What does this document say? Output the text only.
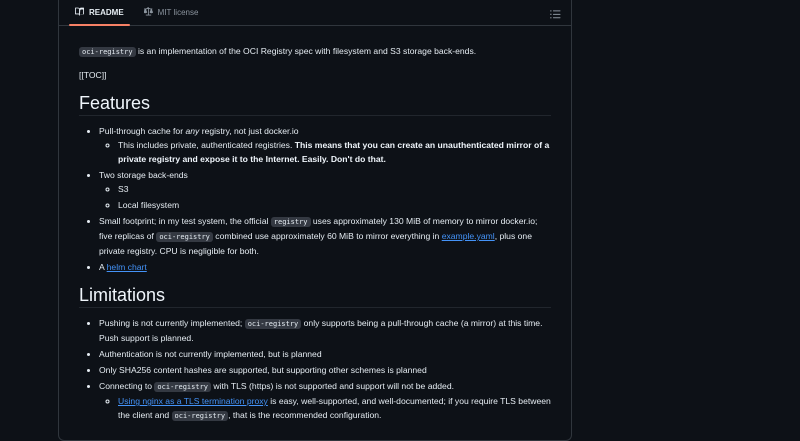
README	MIT license

oci-registry is an implementation of the OCI Registry spec with filesystem and S3 storage back-ends.

[[TOC]]

Features
• Pull-through cache for any registry, not just docker.io
◦ This includes private, authenticated registries. This means that you can create an unauthenticated mirror of a private registry and expose it to the Internet. Easily. Don't do that.
• Two storage back-ends
◦ S3
◦ Local filesystem
• Small footprint; in my test system, the official registry uses approximately 130 MiB of memory to mirror docker.io; five replicas of oci-registry combined use approximately 60 MiB to mirror everything in example.yaml, plus one private registry. CPU is negligible for both.
• A helm chart
Limitations
• Pushing is not currently implemented; oci-registry only supports being a pull-through cache (a mirror) at this time. Push support is planned.
• Authentication is not currently implemented, but is planned
• Only SHA256 content hashes are supported, but supporting other schemes is planned
• Connecting to oci-registry with TLS (https) is not supported and support will not be added.
◦ Using nginx as a TLS termination proxy is easy, well-supported, and well-documented; if you require TLS between the client and oci-registry , that is the recommended configuration.
